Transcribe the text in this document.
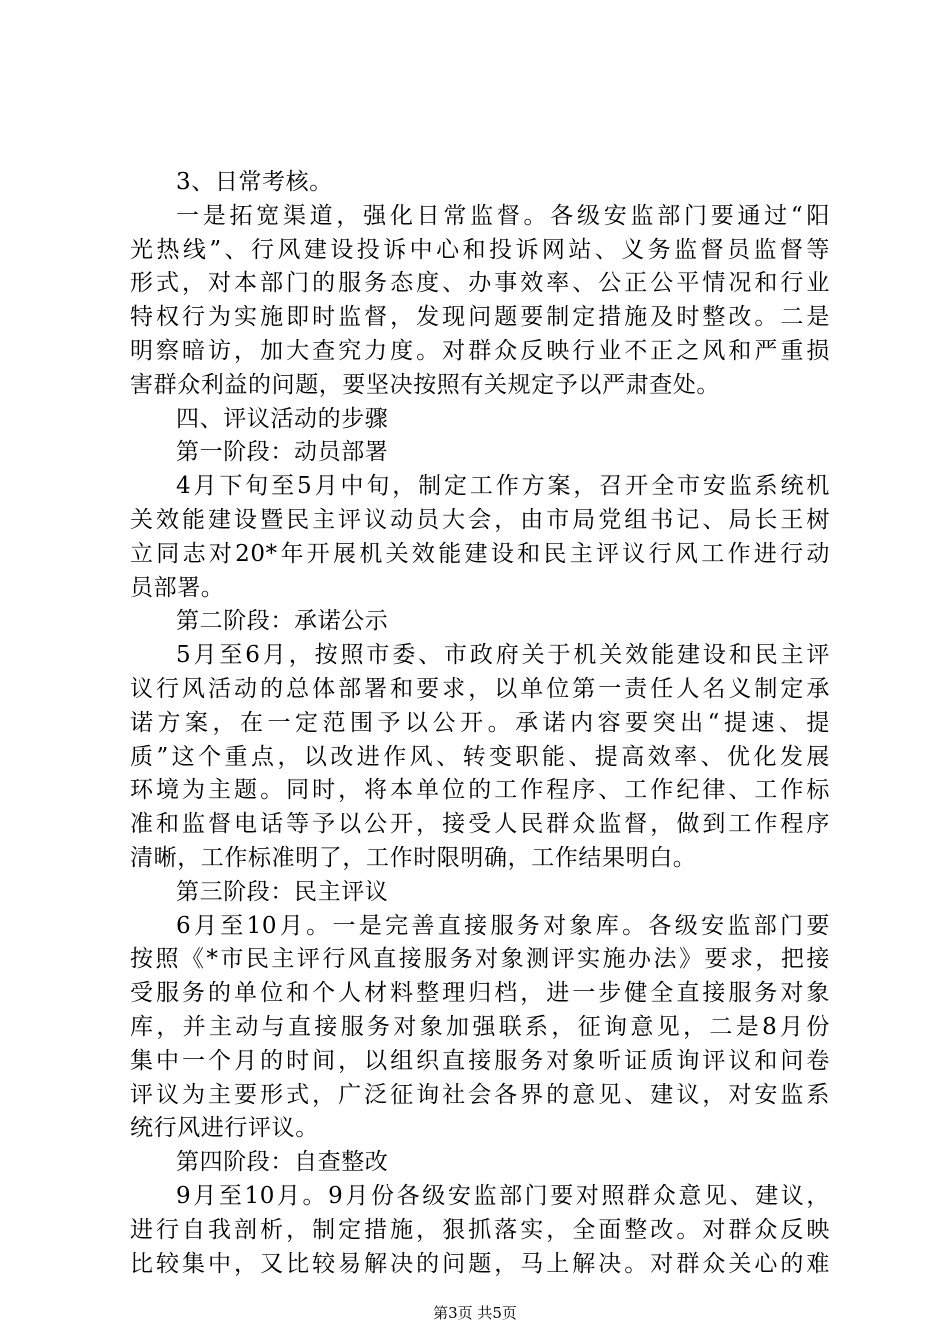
3、日常考核。
一是拓宽渠道，强化日常监督。各级安监部门要通过“阳
光热线”、行风建设投诉中心和投诉网站、义务监督员监督等
形式，对本部门的服务态度、办事效率、公正公平情况和行业
特权行为实施即时监督，发现问题要制定措施及时整改。二是
明察暗访，加大查究力度。对群众反映行业不正之风和严重损
害群众利益的问题，要坚决按照有关规定予以严肃查处。
四、评议活动的步骤
第一阶段：动员部署
4月下旬至5月中旬，制定工作方案，召开全市安监系统机
关效能建设暨民主评议动员大会，由市局党组书记、局长王树
立同志对20*年开展机关效能建设和民主评议行风工作进行动
员部署。
第二阶段：承诺公示
5月至6月，按照市委、市政府关于机关效能建设和民主评
议行风活动的总体部署和要求，以单位第一责任人名义制定承
诺方案，在一定范围予以公开。承诺内容要突出“提速、提
质”这个重点，以改进作风、转变职能、提高效率、优化发展
环境为主题。同时，将本单位的工作程序、工作纪律、工作标
准和监督电话等予以公开，接受人民群众监督，做到工作程序
清晰，工作标准明了，工作时限明确，工作结果明白。
第三阶段：民主评议
6月至10月。一是完善直接服务对象库。各级安监部门要
按照《*市民主评行风直接服务对象测评实施办法》要求，把接
受服务的单位和个人材料整理归档，进一步健全直接服务对象
库，并主动与直接服务对象加强联系，征询意见，二是8月份
集中一个月的时间，以组织直接服务对象听证质询评议和问卷
评议为主要形式，广泛征询社会各界的意见、建议，对安监系
统行风进行评议。
第四阶段：自查整改
9月至10月。9月份各级安监部门要对照群众意见、建议，
进行自我剖析，制定措施，狠抓落实，全面整改。对群众反映
比较集中，又比较易解决的问题，马上解决。对群众关心的难
第3页 共5页
